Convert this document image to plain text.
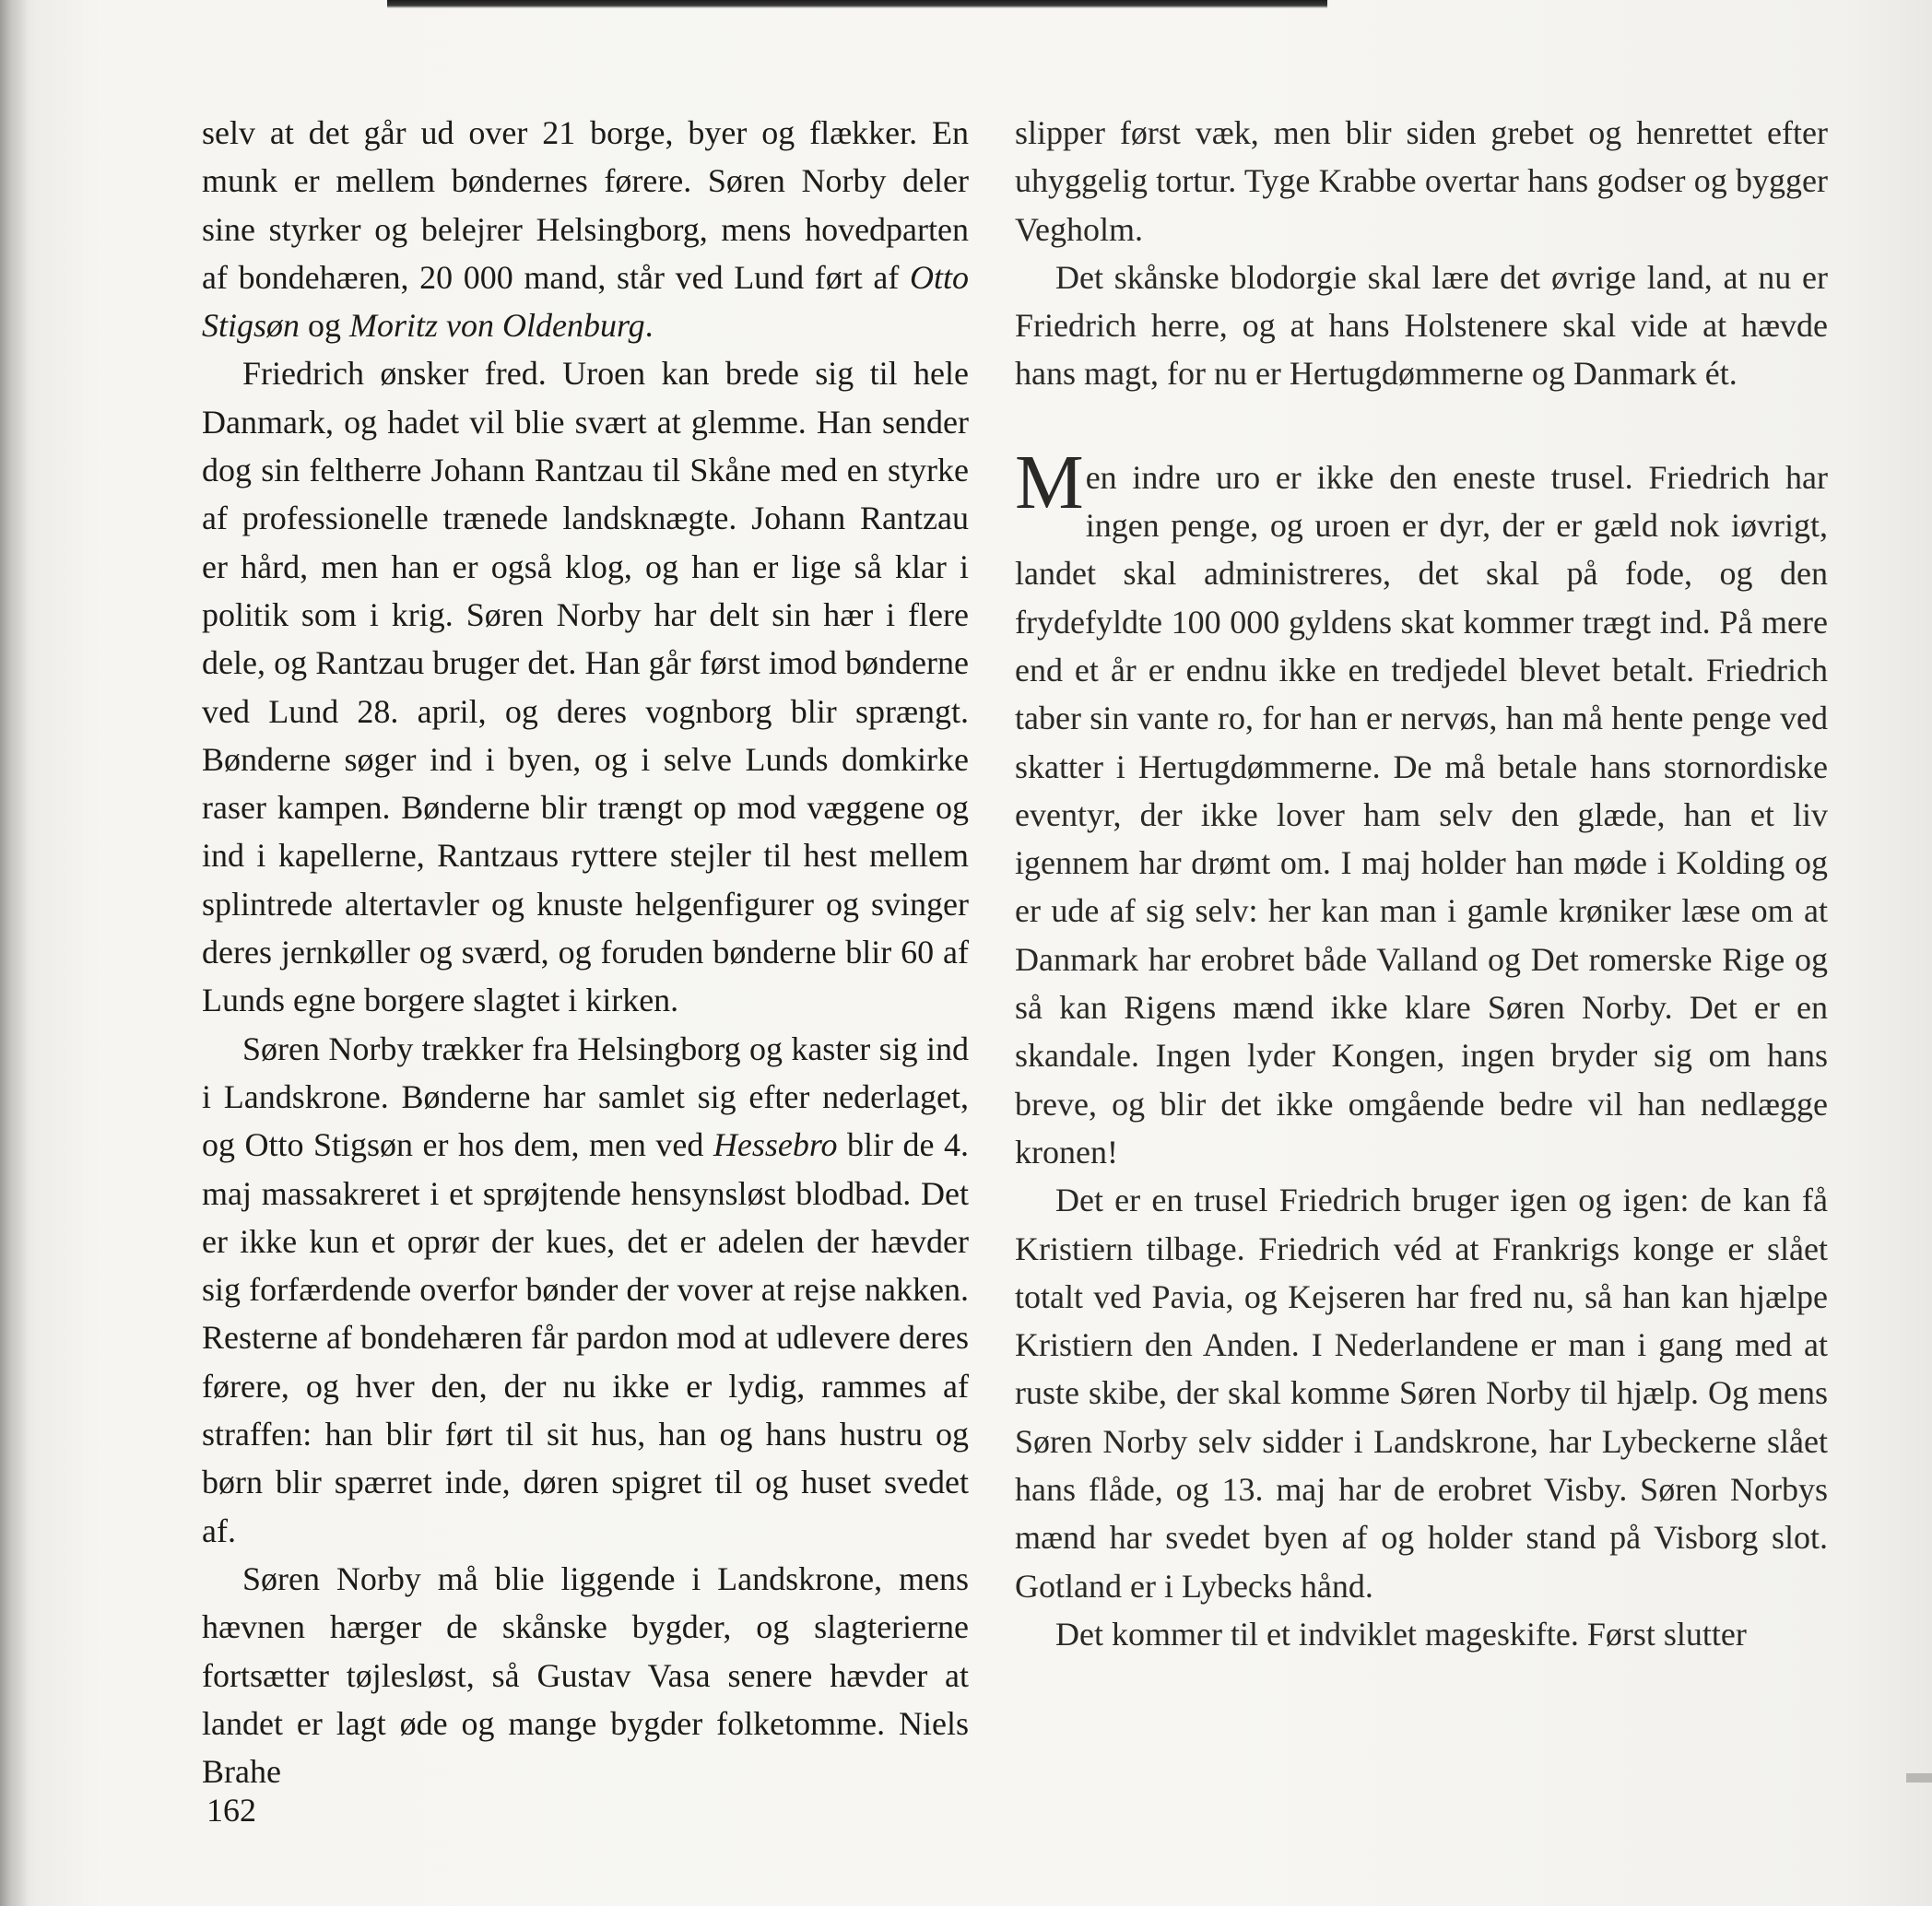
selv at det går ud over 21 borge, byer og flækker. En munk er mellem bøndernes førere. Søren Norby deler sine styrker og belejrer Helsingborg, mens hovedparten af bondehæren, 20 000 mand, står ved Lund ført af Otto Stigsøn og Moritz von Oldenburg.

Friedrich ønsker fred. Uroen kan brede sig til hele Danmark, og hadet vil blie svært at glemme. Han sender dog sin feltherre Johann Rantzau til Skåne med en styrke af professionelle trænede landsknægte. Johann Rantzau er hård, men han er også klog, og han er lige så klar i politik som i krig. Søren Norby har delt sin hær i flere dele, og Rantzau bruger det. Han går først imod bønderne ved Lund 28. april, og deres vognborg blir sprængt. Bønderne søger ind i byen, og i selve Lunds domkirke raser kampen. Bønderne blir trængt op mod væggene og ind i kapellerne, Rantzaus ryttere stejler til hest mellem splintrede altertavler og knuste helgenfigurer og svinger deres jernkøller og sværd, og foruden bønderne blir 60 af Lunds egne borgere slagtet i kirken.

Søren Norby trækker fra Helsingborg og kaster sig ind i Landskrone. Bønderne har samlet sig efter nederlaget, og Otto Stigsøn er hos dem, men ved Hessebro blir de 4. maj massakreret i et sprøjtende hensynsløst blodbad. Det er ikke kun et oprør der kues, det er adelen der hævder sig forfærdende overfor bønder der vover at rejse nakken. Resterne af bondehæren får pardon mod at udlevere deres førere, og hver den, der nu ikke er lydig, rammes af straffen: han blir ført til sit hus, han og hans hustru og børn blir spærret inde, døren spigret til og huset svedet af.

Søren Norby må blie liggende i Landskrone, mens hævnen hærger de skånske bygder, og slagterierne fortsætter tøjlesløst, så Gustav Vasa senere hævder at landet er lagt øde og mange bygder folketomme. Niels Brahe

slipper først væk, men blir siden grebet og henrettet efter uhyggelig tortur. Tyge Krabbe overtar hans godser og bygger Vegholm.

Det skånske blodorgie skal lære det øvrige land, at nu er Friedrich herre, og at hans Holstenere skal vide at hævde hans magt, for nu er Hertugdømmerne og Danmark ét.

Men indre uro er ikke den eneste trusel. Friedrich har ingen penge, og uroen er dyr, der er gæld nok iøvrigt, landet skal administreres, det skal på fode, og den frydefyldte 100 000 gyldens skat kommer trægt ind. På mere end et år er endnu ikke en tredjedel blevet betalt. Friedrich taber sin vante ro, for han er nervøs, han må hente penge ved skatter i Hertugdømmerne. De må betale hans stornordiske eventyr, der ikke lover ham selv den glæde, han et liv igennem har drømt om. I maj holder han møde i Kolding og er ude af sig selv: her kan man i gamle krøniker læse om at Danmark har erobret både Valland og Det romerske Rige og så kan Rigens mænd ikke klare Søren Norby. Det er en skandale. Ingen lyder Kongen, ingen bryder sig om hans breve, og blir det ikke omgående bedre vil han nedlægge kronen!

Det er en trusel Friedrich bruger igen og igen: de kan få Kristiern tilbage. Friedrich véd at Frankrigs konge er slået totalt ved Pavia, og Kejseren har fred nu, så han kan hjælpe Kristiern den Anden. I Nederlandene er man i gang med at ruste skibe, der skal komme Søren Norby til hjælp. Og mens Søren Norby selv sidder i Landskrone, har Lybeckerne slået hans flåde, og 13. maj har de erobret Visby. Søren Norbys mænd har svedet byen af og holder stand på Visborg slot. Gotland er i Lybecks hånd.

Det kommer til et indviklet mageskifte. Først slutter

162
